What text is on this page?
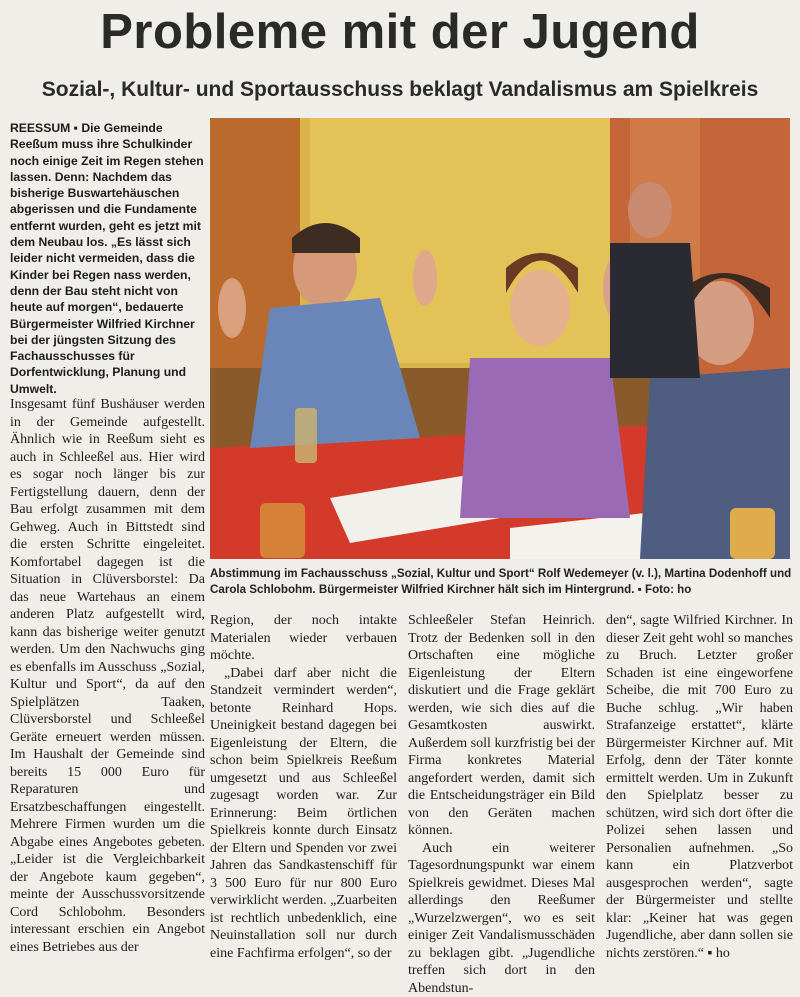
Probleme mit der Jugend
Sozial-, Kultur- und Sportausschuss beklagt Vandalismus am Spielkreis
REESSUM ▪ Die Gemeinde Reeßum muss ihre Schulkinder noch einige Zeit im Regen stehen lassen. Denn: Nachdem das bisherige Buswartehäuschen abgerissen und die Fundamente entfernt wurden, geht es jetzt mit dem Neubau los. „Es lässt sich leider nicht vermeiden, dass die Kinder bei Regen nass werden, denn der Bau steht nicht von heute auf morgen“, bedauerte Bürgermeister Wilfried Kirchner bei der jüngsten Sitzung des Fachausschusses für Dorfentwicklung, Planung und Umwelt.

Insgesamt fünf Bushäuser werden in der Gemeinde aufgestellt. Ähnlich wie in Reeßum sieht es auch in Schleeßel aus. Hier wird es sogar noch länger bis zur Fertigstellung dauern, denn der Bau erfolgt zusammen mit dem Gehweg. Auch in Bittstedt sind die ersten Schritte eingeleitet. Komfortabel dagegen ist die Situation in Clüversborstel: Da das neue Wartehaus an einem anderen Platz aufgestellt wird, kann das bisherige weiter genutzt werden. Um den Nachwuchs ging es ebenfalls im Ausschuss „Sozial, Kultur und Sport“, da auf den Spielplätzen Taaken, Clüversborstel und Schleeßel Geräte erneuert werden müssen. Im Haushalt der Gemeinde sind bereits 15 000 Euro für Reparaturen und Ersatzbeschaffungen eingestellt. Mehrere Firmen wurden um die Abgabe eines Angebotes gebeten. „Leider ist die Vergleichbarkeit der Angebote kaum gegeben“, meinte der Ausschussvorsitzende Cord Schlobohm. Besonders interessant erschien ein Angebot eines Betriebes aus der

Abstimmung im Fachausschuss „Sozial, Kultur und Sport“ Rolf Wedemeyer (v. l.), Martina Dodenhoff und Carola Schlobohm. Bürgermeister Wilfried Kirchner hält sich im Hintergrund. ▪ Foto: ho

Region, der noch intakte Materialen wieder verbauen möchte.

„Dabei darf aber nicht die Standzeit vermindert werden“, betonte Reinhard Hops. Uneinigkeit bestand dagegen bei Eigenleistung der Eltern, die schon beim Spielkreis Reeßum umgesetzt und aus Schleeßel zugesagt worden war. Zur Erinnerung: Beim örtlichen Spielkreis konnte durch Einsatz der Eltern und Spenden vor zwei Jahren das Sandkastenschiff für 3 500 Euro für nur 800 Euro verwirklicht werden. „Zuarbeiten ist rechtlich unbedenklich, eine Neuinstallation soll nur durch eine Fachfirma erfolgen“, so der

Schleeßeler Stefan Heinrich. Trotz der Bedenken soll in den Ortschaften eine mögliche Eigenleistung der Eltern diskutiert und die Frage geklärt werden, wie sich dies auf die Gesamtkosten auswirkt. Außerdem soll kurzfristig bei der Firma konkretes Material angefordert werden, damit sich die Entscheidungsträger ein Bild von den Geräten machen können.

Auch ein weiterer Tagesordnungspunkt war einem Spielkreis gewidmet. Dieses Mal allerdings den Reeßumer „Wurzelzwergen“, wo es seit einiger Zeit Vandalismusschäden zu beklagen gibt. „Jugendliche treffen sich dort in den Abendstun-

den“, sagte Wilfried Kirchner. In dieser Zeit geht wohl so manches zu Bruch. Letzter großer Schaden ist eine eingeworfene Scheibe, die mit 700 Euro zu Buche schlug. „Wir haben Strafanzeige erstattet“, klärte Bürgermeister Kirchner auf. Mit Erfolg, denn der Täter konnte ermittelt werden. Um in Zukunft den Spielplatz besser zu schützen, wird sich dort öfter die Polizei sehen lassen und Personalien aufnehmen. „So kann ein Platzverbot ausgesprochen werden“, sagte der Bürgermeister und stellte klar: „Keiner hat was gegen Jugendliche, aber dann sollen sie nichts zerstören.“ ▪ ho
